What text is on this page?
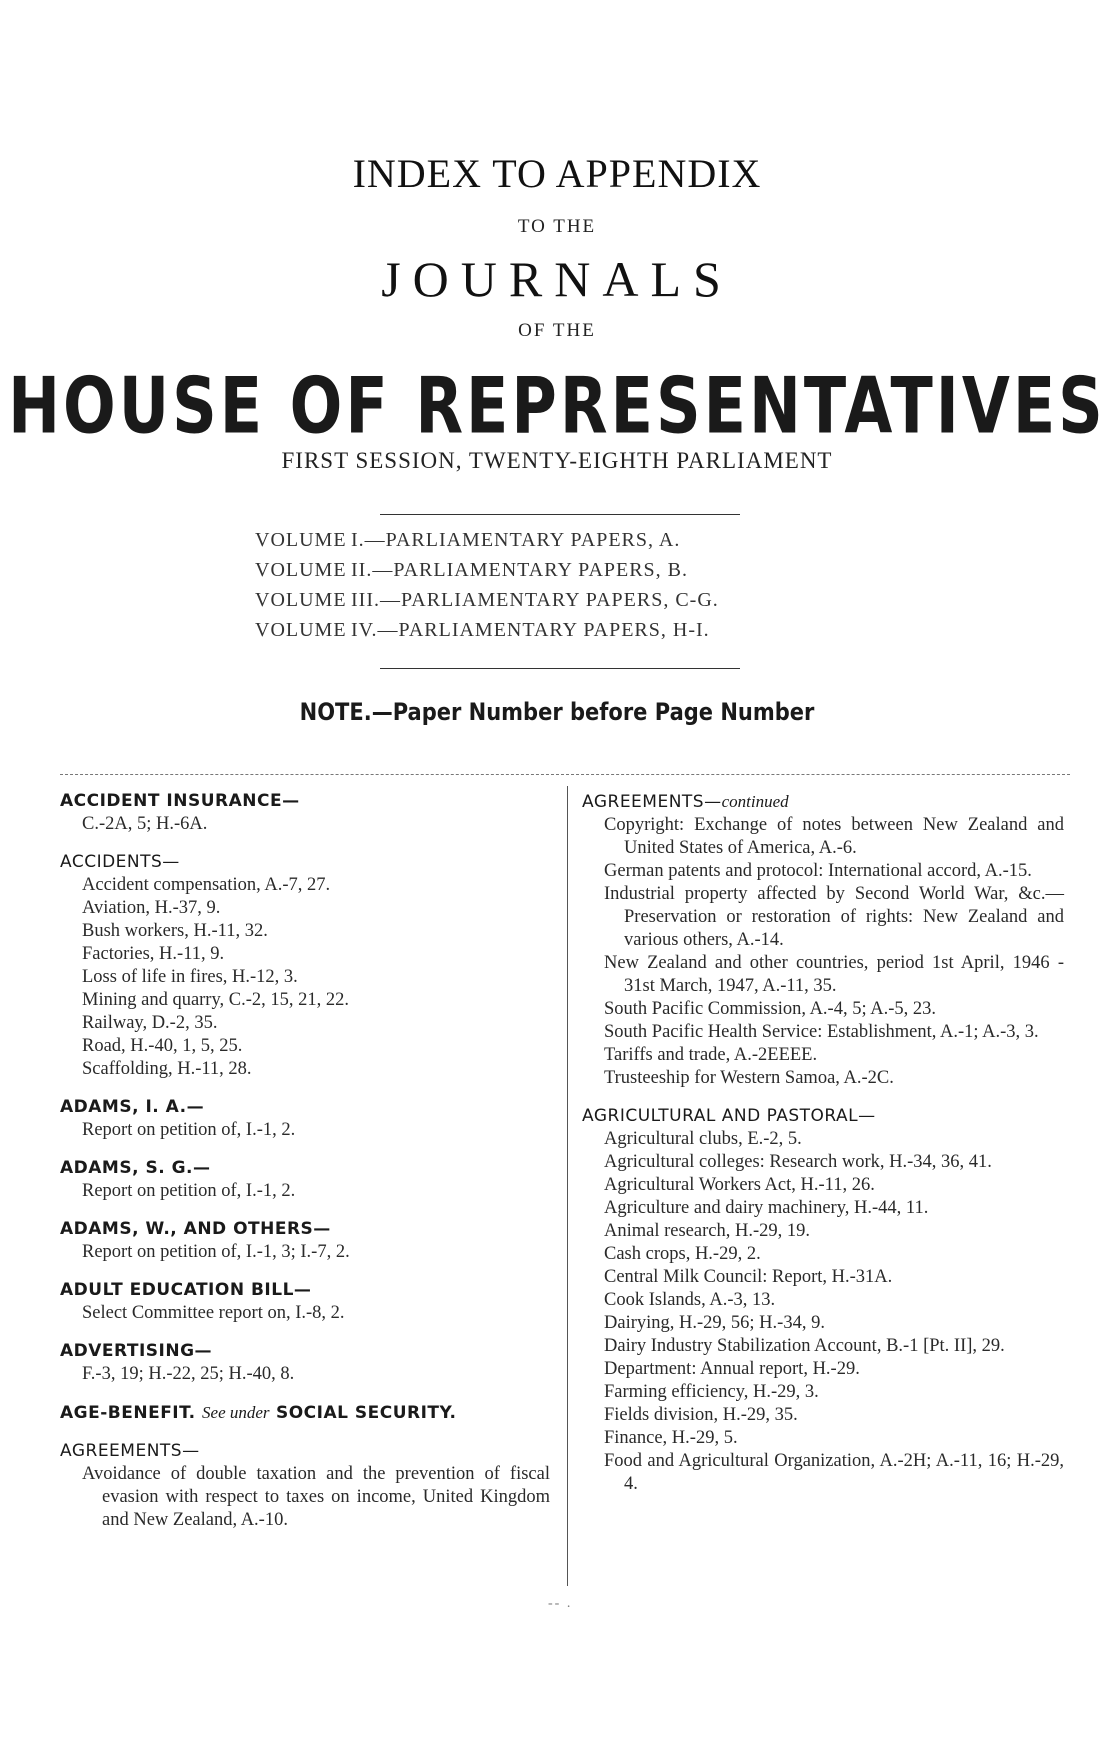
INDEX TO APPENDIX
TO THE
JOURNALS
OF THE
HOUSE OF REPRESENTATIVES
FIRST SESSION, TWENTY-EIGHTH PARLIAMENT
VOLUME I.—PARLIAMENTARY PAPERS, A.
VOLUME II.—PARLIAMENTARY PAPERS, B.
VOLUME III.—PARLIAMENTARY PAPERS, C-G.
VOLUME IV.—PARLIAMENTARY PAPERS, H-I.
NOTE.—Paper Number before Page Number
ACCIDENT INSURANCE—
C.-2A, 5; H.-6A.
ACCIDENTS—
Accident compensation, A.-7, 27.
Aviation, H.-37, 9.
Bush workers, H.-11, 32.
Factories, H.-11, 9.
Loss of life in fires, H.-12, 3.
Mining and quarry, C.-2, 15, 21, 22.
Railway, D.-2, 35.
Road, H.-40, 1, 5, 25.
Scaffolding, H.-11, 28.
ADAMS, I. A.—
Report on petition of, I.-1, 2.
ADAMS, S. G.—
Report on petition of, I.-1, 2.
ADAMS, W., AND OTHERS—
Report on petition of, I.-1, 3; I.-7, 2.
ADULT EDUCATION BILL—
Select Committee report on, I.-8, 2.
ADVERTISING—
F.-3, 19; H.-22, 25; H.-40, 8.
AGE-BENEFIT. See under SOCIAL SECURITY.
AGREEMENTS—
Avoidance of double taxation and the prevention of fiscal evasion with respect to taxes on income, United Kingdom and New Zealand, A.-10.
AGREEMENTS—continued
Copyright: Exchange of notes between New Zealand and United States of America, A.-6.
German patents and protocol: International accord, A.-15.
Industrial property affected by Second World War, &c.—Preservation or restoration of rights: New Zealand and various others, A.-14.
New Zealand and other countries, period 1st April, 1946 - 31st March, 1947, A.-11, 35.
South Pacific Commission, A.-4, 5; A.-5, 23.
South Pacific Health Service: Establishment, A.-1; A.-3, 3.
Tariffs and trade, A.-2EEEE.
Trusteeship for Western Samoa, A.-2C.
AGRICULTURAL AND PASTORAL—
Agricultural clubs, E.-2, 5.
Agricultural colleges: Research work, H.-34, 36, 41.
Agricultural Workers Act, H.-11, 26.
Agriculture and dairy machinery, H.-44, 11.
Animal research, H.-29, 19.
Cash crops, H.-29, 2.
Central Milk Council: Report, H.-31A.
Cook Islands, A.-3, 13.
Dairying, H.-29, 56; H.-34, 9.
Dairy Industry Stabilization Account, B.-1 [Pt. II], 29.
Department: Annual report, H.-29.
Farming efficiency, H.-29, 3.
Fields division, H.-29, 35.
Finance, H.-29, 5.
Food and Agricultural Organization, A.-2H; A.-11, 16; H.-29, 4.
-- .
